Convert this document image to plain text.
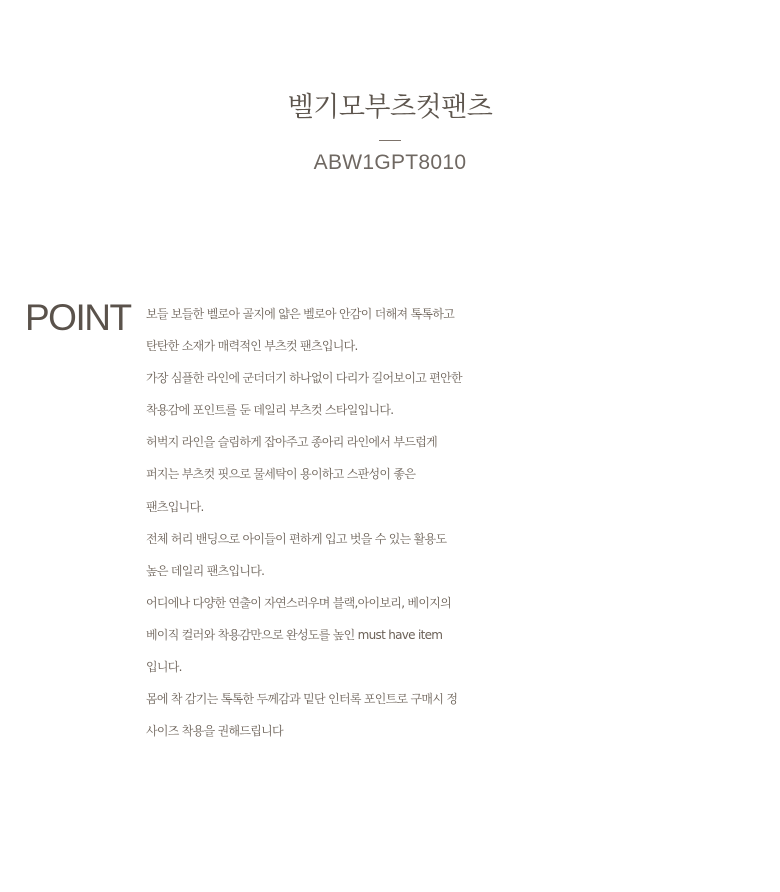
벨기모부츠컷팬츠
ABW1GPT8010
POINT 보들 보들한 벨로아 골지에 얇은 벨로아 안감이 더해져 톡톡하고
탄탄한 소재가 매력적인 부츠컷 팬츠입니다.
가장 심플한 라인에 군더더기 하나없이 다리가 길어보이고 편안한
착용감에 포인트를 둔 데일리 부츠컷 스타일입니다.
허벅지 라인을 슬림하게 잡아주고 종아리 라인에서 부드럽게
퍼지는 부츠컷 핏으로 물세탁이 용이하고 스판성이 좋은
팬츠입니다.
전체 허리 밴딩으로 아이들이 편하게 입고 벗을 수 있는 활용도
높은 데일리 팬츠입니다.
어디에나 다양한 연출이 자연스러우며 블랙,아이보리, 베이지의
베이직 컬러와 착용감만으로 완성도를 높인 must have item
입니다.
몸에 착 감기는 톡톡한 두께감과 밑단 인터록 포인트로 구매시 정
사이즈 착용을 권해드립니다
